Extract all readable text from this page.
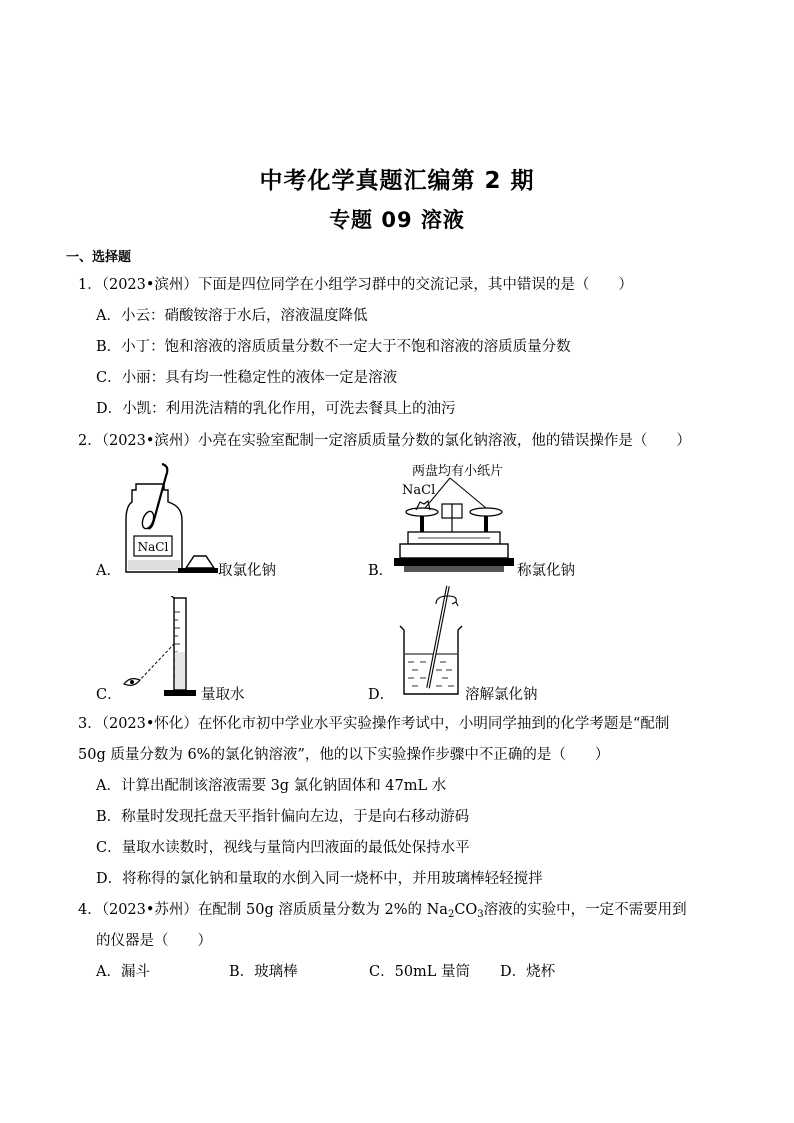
中考化学真题汇编第 2 期
专题 09 溶液
一、选择题
1．（2023•滨州）下面是四位同学在小组学习群中的交流记录，其中错误的是（　　）
A．小云：硝酸铵溶于水后，溶液温度降低
B．小丁：饱和溶液的溶质质量分数不一定大于不饱和溶液的溶质质量分数
C．小丽：具有均一性稳定性的液体一定是溶液
D．小凯：利用洗洁精的乳化作用，可洗去餐具上的油污
2．（2023•滨州）小亮在实验室配制一定溶质质量分数的氯化钠溶液，他的错误操作是（　　）
A．
NaCl
取氯化钠	B．
两盘均有小纸片
NaCl
称氯化钠
C．	量取水	D．	溶解氯化钠
3．（2023•怀化）在怀化市初中学业水平实验操作考试中，小明同学抽到的化学考题是“配制
50g 质量分数为 6%的氯化钠溶液”，他的以下实验操作步骤中不正确的是（　　）
A．计算出配制该溶液需要 3g 氯化钠固体和 47mL 水
B．称量时发现托盘天平指针偏向左边，于是向右移动游码
C．量取水读数时，视线与量筒内凹液面的最低处保持水平
D．将称得的氯化钠和量取的水倒入同一烧杯中，并用玻璃棒轻轻搅拌
4．（2023•苏州）在配制 50g 溶质质量分数为 2%的 $Na_2CO_3$溶液的实验中，一定不需要用到
的仪器是（　　）
A．漏斗	B．玻璃棒	C．50mL 量筒 D．烧杯
